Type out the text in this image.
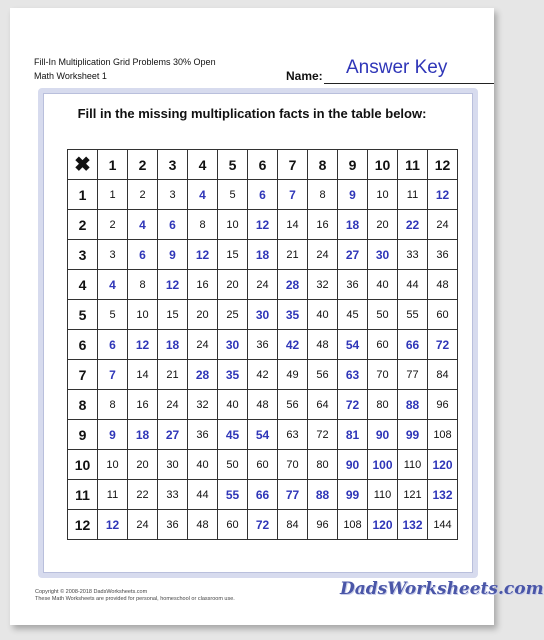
Fill-In Multiplication Grid Problems 30% Open
Math Worksheet 1	Name: Answer Key
Fill in the missing multiplication facts in the table below:
✖	1	2	3	4	5	6	7	8	9	10	11	12
1	1	2	3	4	5	6	7	8	9	10	11	12
2	2	4	6	8	10	12	14	16	18	20	22	24
3	3	6	9	12	15	18	21	24	27	30	33	36
4	4	8	12	16	20	24	28	32	36	40	44	48
5	5	10	15	20	25	30	35	40	45	50	55	60
6	6	12	18	24	30	36	42	48	54	60	66	72
7	7	14	21	28	35	42	49	56	63	70	77	84
8	8	16	24	32	40	48	56	64	72	80	88	96
9	9	18	27	36	45	54	63	72	81	90	99	108
10	10	20	30	40	50	60	70	80	90	100	110	120
11	11	22	33	44	55	66	77	88	99	110	121	132
12	12	24	36	48	60	72	84	96	108	120	132	144
Copyright © 2008-2018 DadsWorksheets.com
These Math Worksheets are provided for personal, homeschool or classroom use.	DadsWorksheets.com
